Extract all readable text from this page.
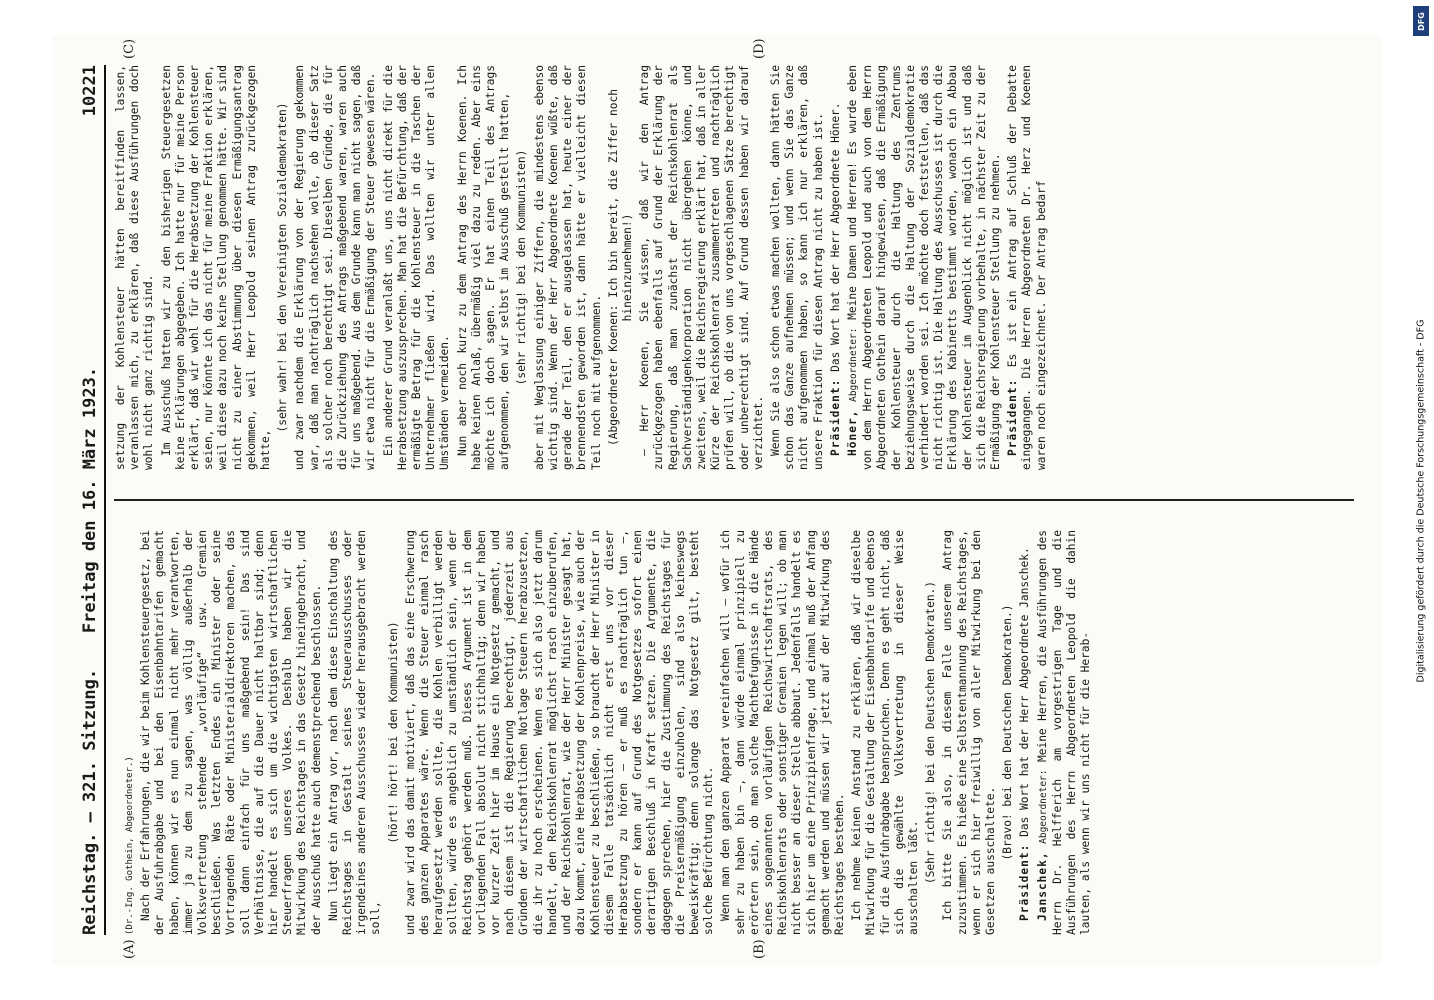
Reichstag. — 321. Sitzung.
Freitag den 16. März 1923.
10221
(A)	(B)
(C)	(D)

(Dr.-Ing. Gothein, Abgeordneter.) Nach der Erfahrungen, die wir beim Kohlensteuergesetz, bei der Ausfuhrabgabe und bei den Eisenbahntarifen gemacht haben, können wir es nun einmal nicht mehr verantworten, immer ja zu dem zu sagen, was völlig außerhalb der Volksvertretung stehende „vorläufige“ usw. Gremien beschließen. Was letzten Endes ein Minister oder seine Vortragenden Räte oder Ministerialdirektoren machen, das soll dann einfach für uns maßgebend sein! Das sind Verhältnisse, die auf die Dauer nicht haltbar sind; denn hier handelt es sich um die wichtigsten wirtschaftlichen Steuerfragen unseres Volkes. Deshalb haben wir die Mitwirkung des Reichstages in das Gesetz hineingebracht, und der Ausschuß hatte auch demenstprechend beschlossen. Nun liegt ein Antrag vor, nach dem diese Einschaltung des Reichstages in Gestalt seines Steuerausschusses oder irgendeines anderen Ausschusses wieder herausgebracht werden soll,

(hört! hört! bei den Kommunisten) und zwar wird das damit motiviert, daß das eine Erschwerung des ganzen Apparates wäre. Wenn die Steuer einmal rasch heraufgesetzt werden sollte, die Kohlen verbilligt werden sollten, würde es angeblich zu umständlich sein, wenn der Reichstag gehört werden muß. Dieses Argument ist in dem vorliegenden Fall absolut nicht stichhaltig; denn wir haben vor kurzer Zeit hier im Hause ein Notgesetz gemacht, und nach diesem ist die Regierung berechtigt, jederzeit aus Gründen der wirtschaftlichen Notlage Steuern herabzusetzen, die ihr zu hoch erscheinen. Wenn es sich also jetzt darum handelt, den Reichskohlenrat möglichst rasch einzuberufen, und der Reichskohlenrat, wie der Herr Minister gesagt hat, dazu kommt, eine Herabsetzung der Kohlenpreise, wie auch der Kohlensteuer zu beschließen, so braucht der Herr Minister in diesem Falle tatsächlich nicht erst uns vor dieser Herabsetzung zu hören — er muß es nachträglich tun —, sondern er kann auf Grund des Notgesetzes sofort einen derartigen Beschluß in Kraft setzen. Die Argumente, die dagegen sprechen, hier die Zustimmung des Reichstages für die Preisermäßigung einzuholen, sind also keineswegs beweiskräftig; denn solange das Notgesetz gilt, besteht solche Befürchtung nicht. Wenn man den ganzen Apparat vereinfachen will — wofür ich sehr zu haben bin —, dann würde einmal prinzipiell zu erörtern sein, ob man solche Machtbefugnisse in die Hände eines sogenannten vorläufigen Reichswirtschaftsrats, des Reichskohlenrats oder sonstiger Gremien legen will; ob man nicht besser an dieser Stelle abbaut. Jedenfalls handelt es sich hier um eine Prinzipienfrage, und einmal muß der Anfang gemacht werden und müssen wir jetzt auf der Mitwirkung des Reichstages bestehen. Ich nehme keinen Anstand zu erklären, daß wir dieselbe Mitwirkung für die Gestaltung der Eisenbahntarife und ebenso für die Ausfuhrabgabe beanspruchen. Denn es geht nicht, daß sich die gewählte Volksvertretung in dieser Weise ausschalten läßt. (Sehr richtig! bei den Deutschen Demokraten.) Ich bitte Sie also, in diesem Falle unserem Antrag zuzustimmen. Es hieße eine Selbstentmannung des Reichstages, wenn er sich hier freiwillig von aller Mitwirkung bei den Gesetzen ausschaltete.

(Bravo! bei den Deutschen Demokraten.)

Präsident: Das Wort hat der Herr Abgeordnete Janschek.

Janschek, Abgeordneter: Meine Herren, die Ausführungen des Herrn Dr. Helfferich am vorgestrigen Tage und die Ausführungen des Herrn Abgeordneten Leopold die dahin lauten, als wenn wir uns nicht für die Herab-

setzung der Kohlensteuer hätten bereitfinden lassen, veranlassen mich, zu erklären, daß diese Ausführungen doch wohl nicht ganz richtig sind. Im Ausschuß hatten wir zu den bisherigen Steuergesetzen keine Erklärungen abgegeben. Ich hatte nur für meine Person erklärt, daß wir wohl für die Herabsetzung der Kohlensteuer seien, nur könnte ich das nicht für meine Fraktion erklären, weil diese dazu noch keine Stellung genommen hätte. Wir sind nicht zu einer Abstimmung über diesen Ermäßigungsantrag gekommen, weil Herr Leopold seinen Antrag zurückgezogen hatte,

(sehr wahr! bei den Vereinigten Sozialdemokraten) und zwar nachdem die Erklärung von der Regierung gekommen war, daß man nachträglich nachsehen wolle, ob dieser Satz als solcher noch berechtigt sei. Dieselben Gründe, die für die Zurückziehung des Antrags maßgebend waren, waren auch für uns maßgebend. Aus dem Grunde kann man nicht sagen, daß wir etwa nicht für die Ermäßigung der Steuer gewesen wären. Ein anderer Grund veranlaßt uns, uns nicht direkt für die Herabsetzung auszusprechen. Man hat die Befürchtung, daß der ermäßigte Betrag für die Kohlensteuer in die Taschen der Unternehmer fließen wird. Das wollten wir unter allen Umständen vermeiden. Nun aber noch kurz zu dem Antrag des Herrn Koenen. Ich habe keinen Anlaß, übermäßig viel dazu zu reden. Aber eins möchte ich doch sagen. Er hat einen Teil des Antrags aufgenommen, den wir selbst im Ausschuß gestellt hatten, (sehr richtig! bei den Kommunisten) aber mit Weglassung einiger Ziffern, die mindestens ebenso wichtig sind. Wenn der Herr Abgeordnete Koenen wüßte, daß gerade der Teil, den er ausgelassen hat, heute einer der brennendsten geworden ist, dann hätte er vielleicht diesen Teil noch mit aufgenommen. (Abgeordneter Koenen: Ich bin bereit, die Ziffer noch hineinzunehmen!) — Herr Koenen, Sie wissen, daß wir den Antrag zurückgezogen haben ebenfalls auf Grund der Erklärung der Regierung, daß man zunächst der Reichskohlenrat als Sachverständigenkorporation nicht übergehen könne, und zweitens, weil die Reichsregierung erklärt hat, daß in aller Kürze der Reichskohlenrat zusammentreten und nachträglich prüfen will, ob die von uns vorgeschlagenen Sätze berechtigt oder unberechtigt sind. Auf Grund dessen haben wir darauf verzichtet. Wenn Sie also schon etwas machen wollten, dann hätten Sie schon das Ganze aufnehmen müssen; und wenn Sie das Ganze nicht aufgenommen haben, so kann ich nur erklären, daß unsere Fraktion für diesen Antrag nicht zu haben ist. Präsident: Das Wort hat der Herr Abgeordnete Höner.

Höner, Abgeordneter: Meine Damen und Herren! Es wurde eben von dem Herrn Abgeordneten Leopold und auch von dem Herrn Abgeordneten Gothein darauf hingewiesen, daß die Ermäßigung der Kohlensteuer durch die Haltung des Zentrums beziehungsweise durch die Haltung der Sozialdemokratie verhindert worden sei. Ich möchte doch feststellen, daß das nicht richtig ist. Die Haltung des Ausschusses ist durch die Erklärung des Kabinetts bestimmt worden, wonach ein Abbau der Kohlensteuer im Augenblick nicht möglich ist und daß sich die Reichsregierung vorbehalte, in nächster Zeit zu der Ermäßigung der Kohlensteuer Stellung zu nehmen. Präsident: Es ist ein Antrag auf Schluß der Debatte eingegangen. Die Herren Abgeordneten Dr. Herz und Koenen waren noch eingezeichnet. Der Antrag bedarf

DFG
Digitalisierung gefördert durch die Deutsche Forschungsgemeinschaft - DFG
